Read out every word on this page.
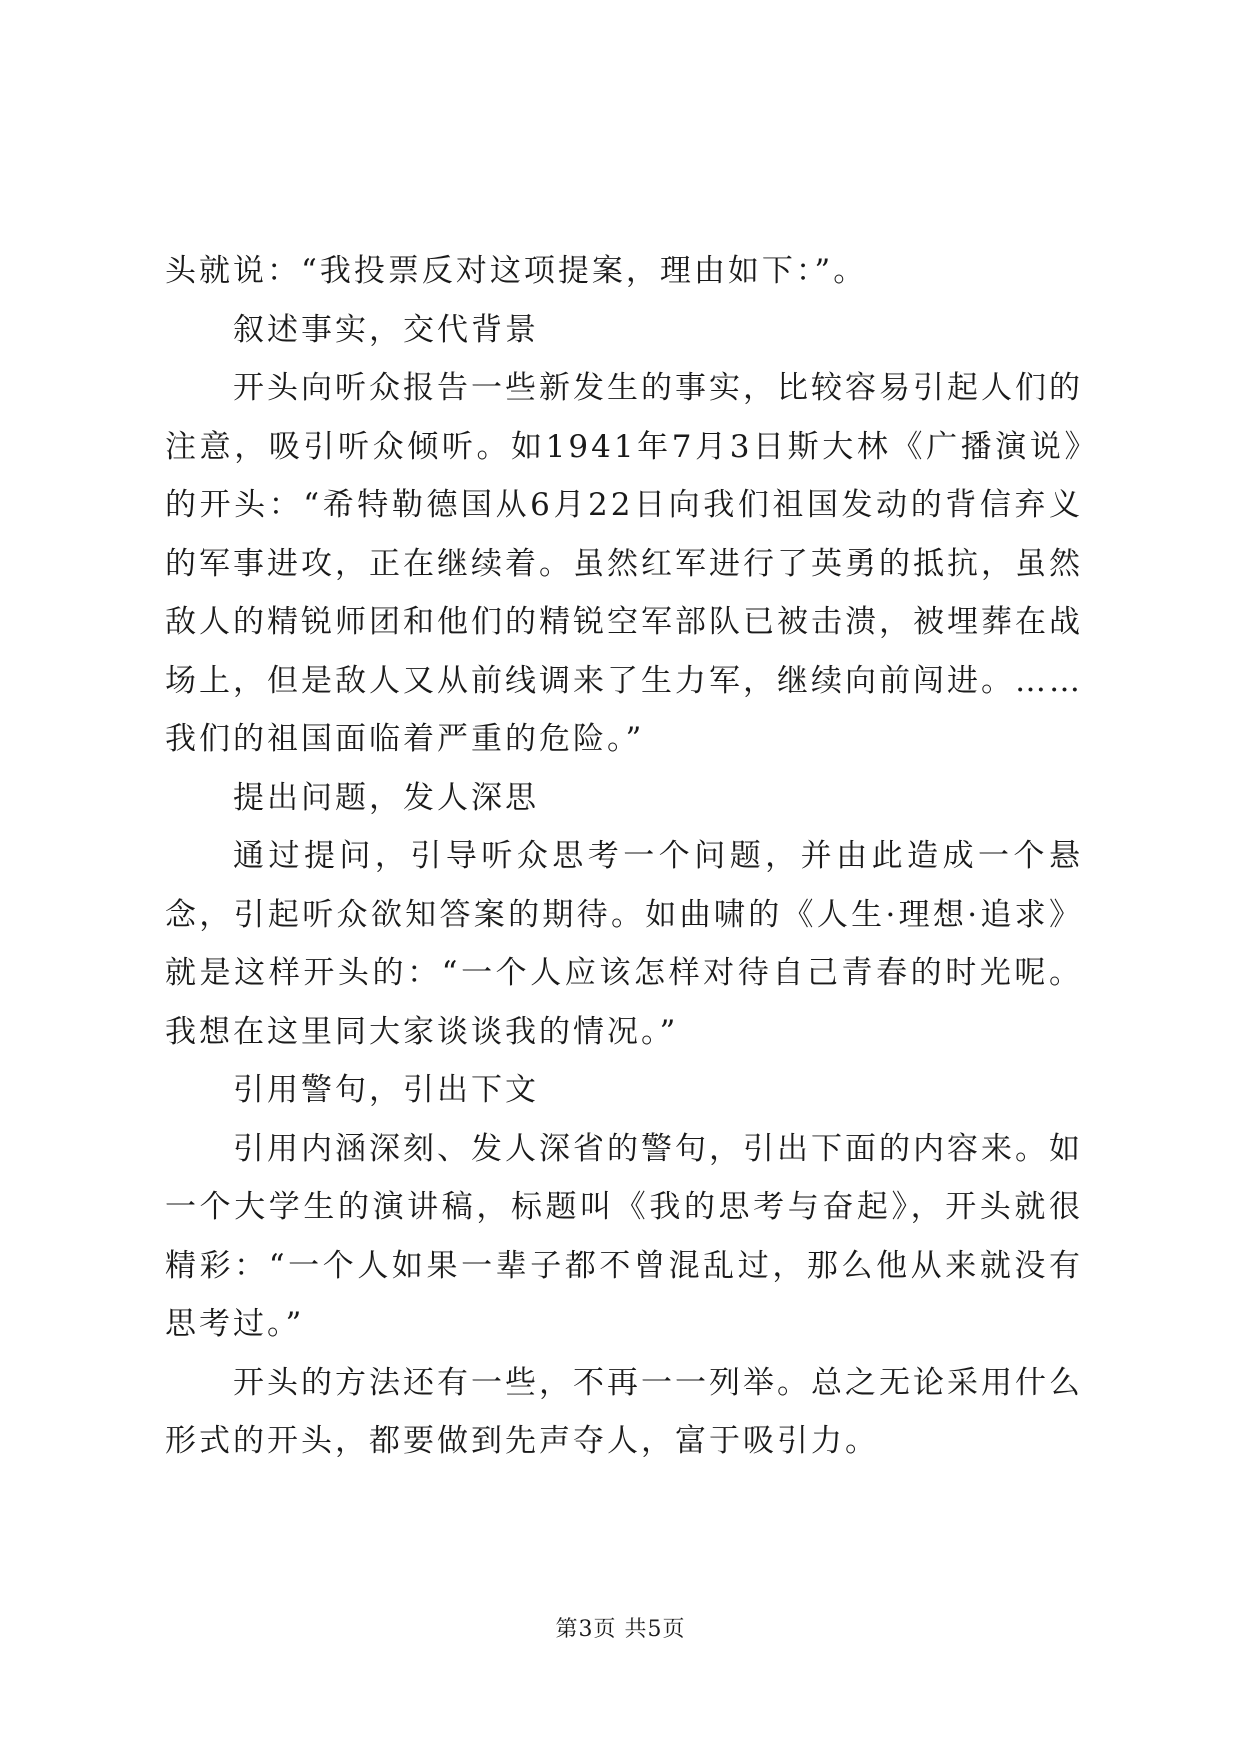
头就说：“我投票反对这项提案，理由如下：”。

叙述事实，交代背景

开头向听众报告一些新发生的事实，比较容易引起人们的注意，吸引听众倾听。如1941年7月3日斯大林《广播演说》的开头：“希特勒德国从6月22日向我们祖国发动的背信弃义的军事进攻，正在继续着。虽然红军进行了英勇的抵抗，虽然敌人的精锐师团和他们的精锐空军部队已被击溃，被埋葬在战场上，但是敌人又从前线调来了生力军，继续向前闯进。……我们的祖国面临着严重的危险。”

提出问题，发人深思

通过提问，引导听众思考一个问题，并由此造成一个悬念，引起听众欲知答案的期待。如曲啸的《人生·理想·追求》就是这样开头的：“一个人应该怎样对待自己青春的时光呢。我想在这里同大家谈谈我的情况。”

引用警句，引出下文

引用内涵深刻、发人深省的警句，引出下面的内容来。如一个大学生的演讲稿，标题叫《我的思考与奋起》，开头就很精彩：“一个人如果一辈子都不曾混乱过，那么他从来就没有思考过。”

开头的方法还有一些，不再一一列举。总之无论采用什么形式的开头，都要做到先声夺人，富于吸引力。

第3页 共5页
